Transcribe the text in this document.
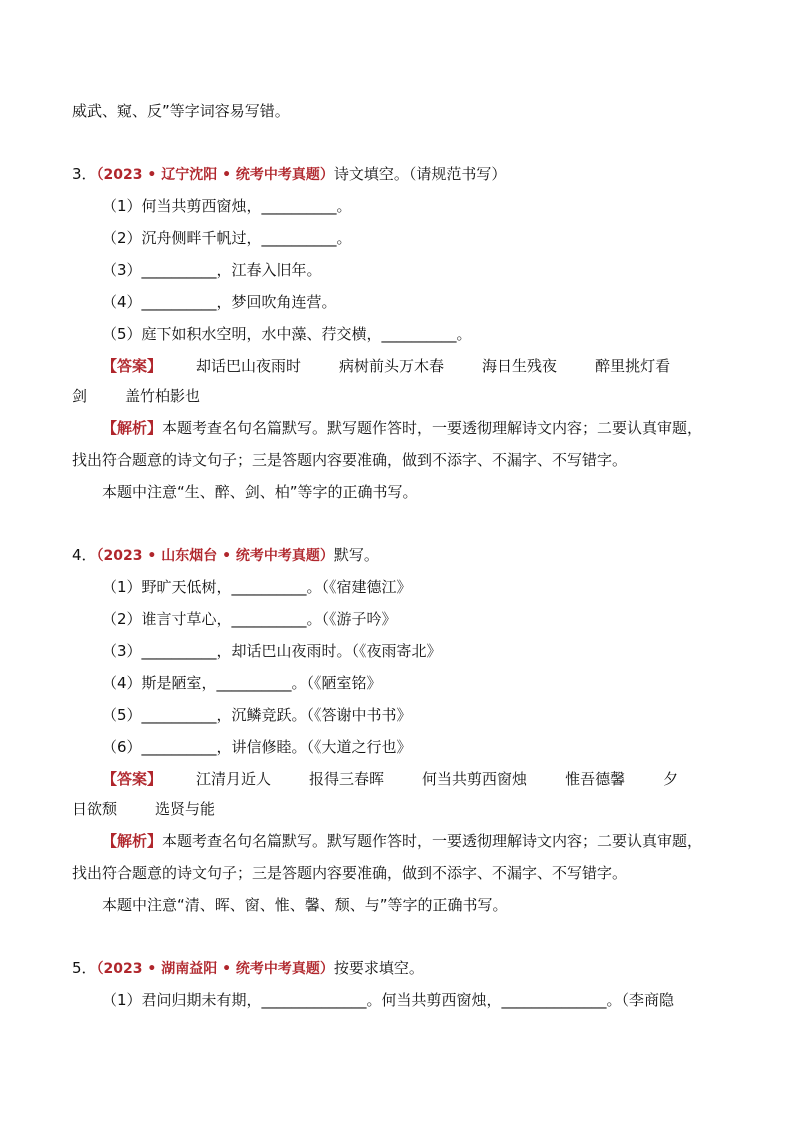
威武、窥、反”等字词容易写错。
3．（2023 • 辽宁沈阳 • 统考中考真题）诗文填空。（请规范书写）
（1）何当共剪西窗烛，__________。
（2）沉舟侧畔千帆过，__________。
（3）__________，江春入旧年。
（4）__________，梦回吹角连营。
（5）庭下如积水空明，水中藻、荇交横，__________。
【答案】 却话巴山夜雨时	病树前头万木春	海日生残夜	醉里挑灯看
剑	盖竹柏影也
【解析】本题考查名句名篇默写。默写题作答时，一要透彻理解诗文内容；二要认真审题，
找出符合题意的诗文句子；三是答题内容要准确，做到不添字、不漏字、不写错字。
本题中注意“生、醉、剑、柏”等字的正确书写。
4．（2023 • 山东烟台 • 统考中考真题）默写。
（1）野旷天低树，__________。（《宿建德江》
（2）谁言寸草心，__________。（《游子吟》
（3）__________，却话巴山夜雨时。（《夜雨寄北》
（4）斯是陋室，__________。（《陋室铭》
（5）__________，沉鳞竞跃。（《答谢中书书》
（6）__________，讲信修睦。（《大道之行也》
【答案】 江清月近人	报得三春晖	何当共剪西窗烛	惟吾德馨	夕
日欲颓	选贤与能
【解析】本题考查名句名篇默写。默写题作答时，一要透彻理解诗文内容；二要认真审题，
找出符合题意的诗文句子；三是答题内容要准确，做到不添字、不漏字、不写错字。
本题中注意“清、晖、窗、惟、馨、颓、与”等字的正确书写。
5．（2023 • 湖南益阳 • 统考中考真题）按要求填空。
（1）君问归期未有期，______________。何当共剪西窗烛，______________。（李商隐
